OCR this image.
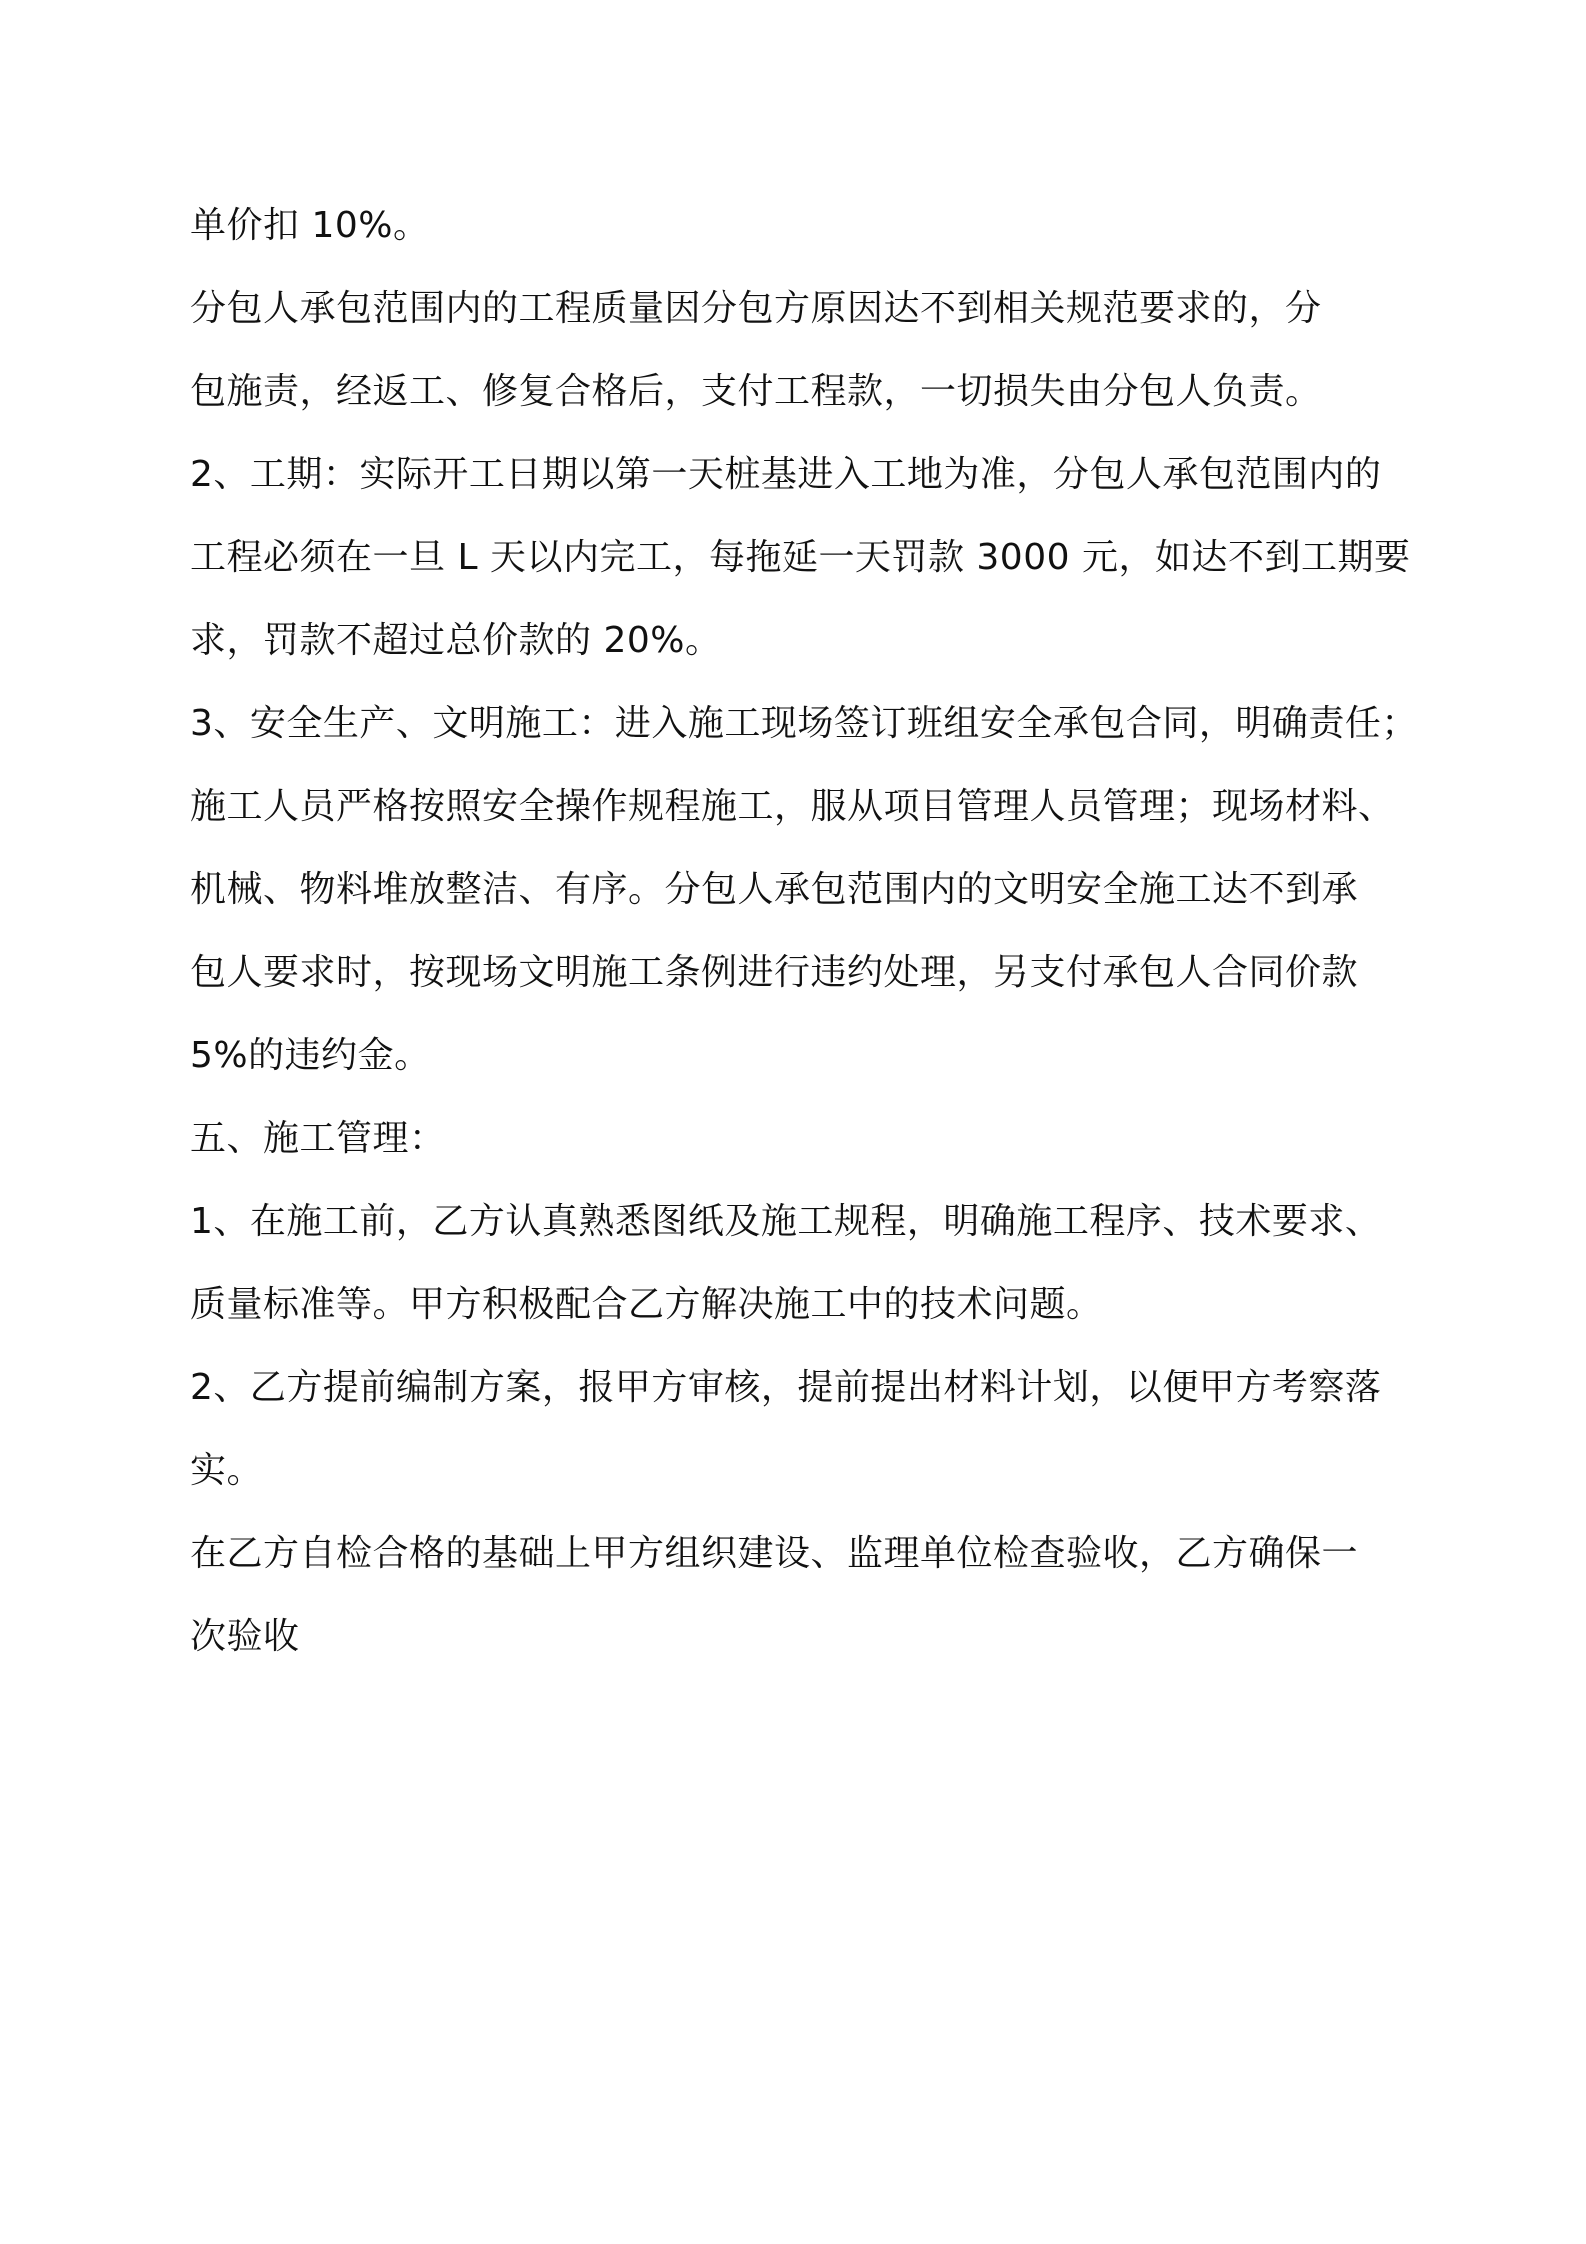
单价扣 10%。
分包人承包范围内的工程质量因分包方原因达不到相关规范要求的，分
包施责，经返工、修复合格后，支付工程款，一切损失由分包人负责。
2、工期：实际开工日期以第一天桩基进入工地为准，分包人承包范围内的
工程必须在一旦 L 天以内完工，每拖延一天罚款 3000 元，如达不到工期要
求，罚款不超过总价款的 20%。
3、安全生产、文明施工：进入施工现场签订班组安全承包合同，明确责任；
施工人员严格按照安全操作规程施工，服从项目管理人员管理；现场材料、
机械、物料堆放整洁、有序。分包人承包范围内的文明安全施工达不到承
包人要求时，按现场文明施工条例进行违约处理，另支付承包人合同价款
5%的违约金。
五、施工管理：
1、在施工前，乙方认真熟悉图纸及施工规程，明确施工程序、技术要求、
质量标准等。甲方积极配合乙方解决施工中的技术问题。
2、乙方提前编制方案，报甲方审核，提前提出材料计划，以便甲方考察落
实。
在乙方自检合格的基础上甲方组织建设、监理单位检查验收，乙方确保一
次验收
